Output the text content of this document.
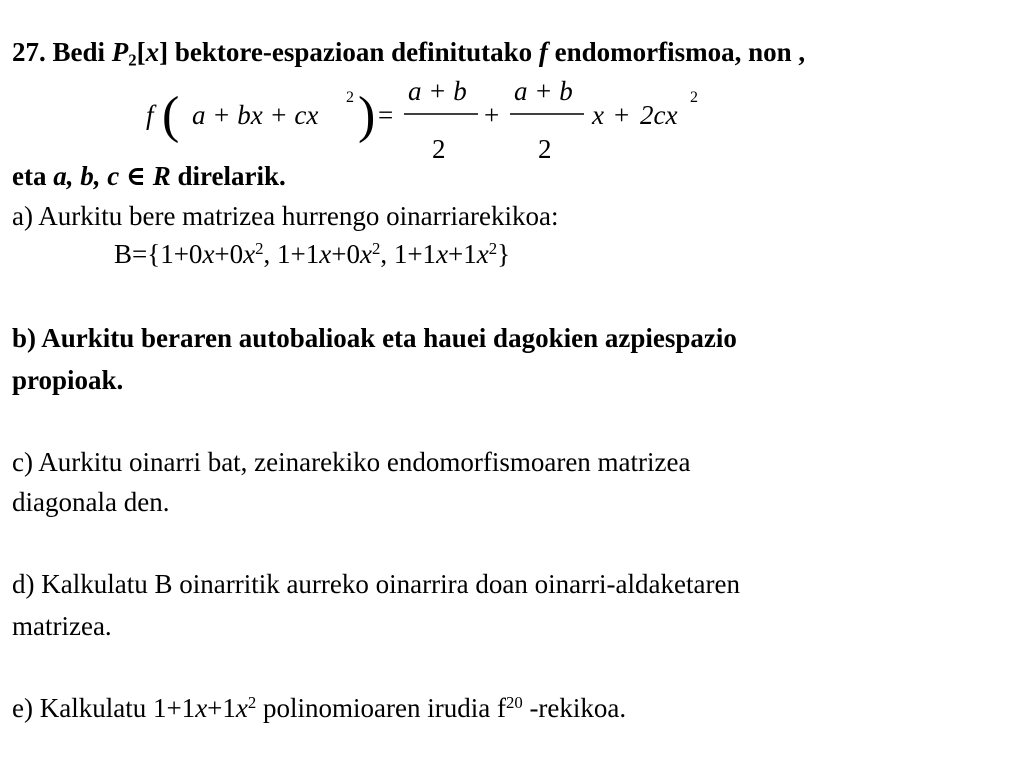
27. Bedi $P_2[x]$ bektore-espazioan definitutako f endomorfismoa, non ,
f ( a + bx + cx
2 ) =
a + b
2
+
a + b
2
x + 2cx
2
eta a, b, c ∈ R direlarik.
a) Aurkitu bere matrizea hurrengo oinarriarekikoa:
$B=\{1+0x+0x^2$, $1+1x+0x^2$, $1+1x+1x^2$}
b) Aurkitu beraren autobalioak eta hauei dagokien azpiespazio
propioak.
c) Aurkitu oinarri bat, zeinarekiko endomorfismoaren matrizea
diagonala den.
d) Kalkulatu B oinarritik aurreko oinarrira doan oinarri-aldaketaren
matrizea.
e) Kalkulatu $1+1x+1x^2$ polinomioaren irudia $f^{20}$ -rekikoa.
